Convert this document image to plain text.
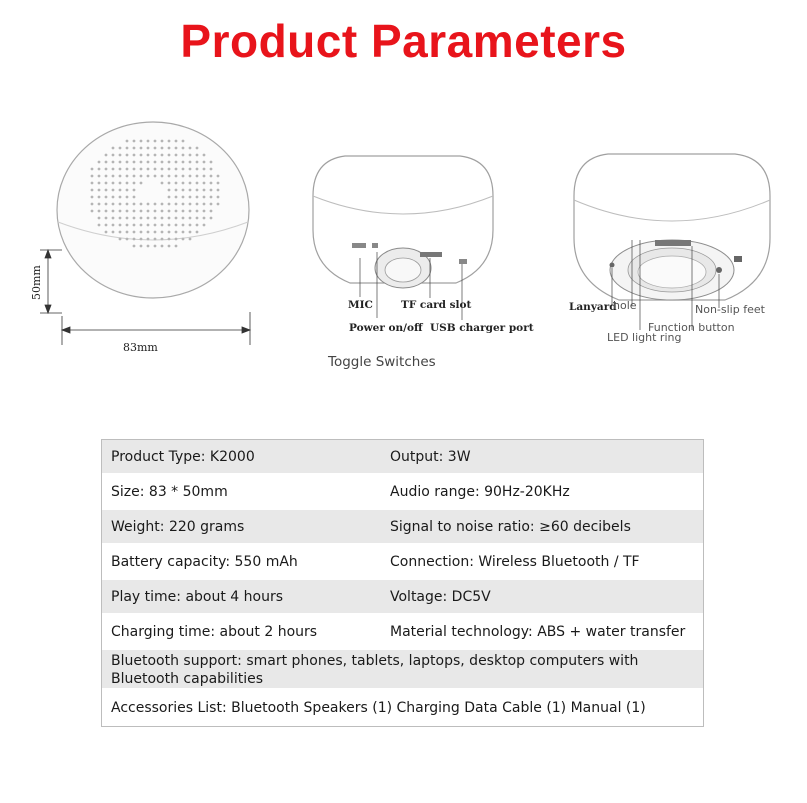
Product Parameters
50mm
83mm
MIC	TF card slot
Power on/off USB charger port
Toggle Switches
Lanyard
hole	Non-slip feet
Function button
LED light ring
Product Type: K2000	Output: 3W
Size: 83 * 50mm	Audio range: 90Hz-20KHz
Weight: 220 grams	Signal to noise ratio: ≥60 decibels
Battery capacity: 550 mAh	Connection: Wireless Bluetooth / TF
Play time: about 4 hours	Voltage: DC5V
Charging time: about 2 hours	Material technology: ABS + water transfer
Bluetooth support: smart phones, tablets, laptops, desktop computers with Bluetooth capabilities
Accessories List: Bluetooth Speakers (1) Charging Data Cable (1) Manual (1)
